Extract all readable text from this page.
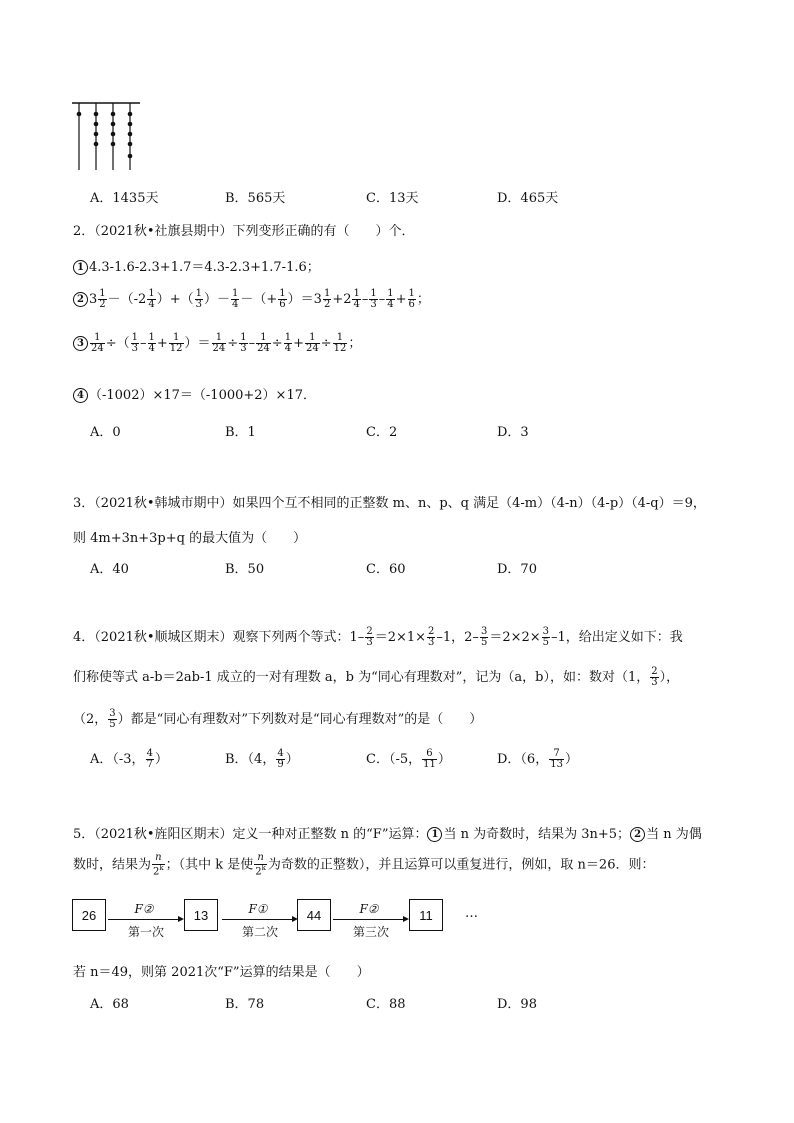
A．1435天	B．565天	C．13天	D．465天
2．（2021秋•社旗县期中）下列变形正确的有（　　）个．
1 4.3-1.6-2.3+1.7＝4.3-2.3+1.7-1.6；
2 $3 \frac{1}{2} -(-2 \frac{1}{4}$ ）+（ $\frac{1}{3}$ ）－ $\frac{1}{4}$ －（+ $\frac{1}{6} )=3 \frac{1}{2} +2 \frac{1}{4} - \frac{1}{3} - \frac{1}{4} + \frac{1}{6}$ ；
$3 \frac{1}{24}$ ÷（ $\frac{1}{3} - \frac{1}{4} + \frac{1}{12}$ ）＝ $\frac{1}{24} \div \frac{1}{3} - \frac{1}{24} \div \frac{1}{4} + \frac{1}{24} \div \frac{1}{12}$ ；
4 （-1002）×17＝（-1000+2）×17．
A．0	B．1	C．2	D．3
3．（2021秋•韩城市期中）如果四个互不相同的正整数 m、n、p、q 满足（4-m）（4-n）（4-p）（4-q）＝9，
则 4m+3n+3p+q 的最大值为（　　）
A．40	B．50	C．60	D．70
4．（2021秋•顺城区期末）观察下列两个等式：$1- \frac{2}{3} =2\times 1\times \frac{2}{3} -1$，$2- \frac{3}{5} =2\times 2\times \frac{3}{5} -1$，给出定义如下：我
们称使等式 a-b＝2ab-1 成立的一对有理数 a，b 为“同心有理数对”，记为（a，b），如：数对（1， $\frac{2}{3}$ ），
（2， $\frac{3}{5}$ ）都是“同心有理数对”下列数对是“同心有理数对”的是（　　）
A．（-3， $\frac{4}{7}$ ）	B．（4， $\frac{4}{9}$ ）	C．（-5， $\frac{6}{11}$ ）	D．（6， $\frac{7}{13}$ ）
5．（2021秋•旌阳区期末）定义一种对正整数 n 的“F”运算： 1 当 n 为奇数时，结果为 3n+5； 2 当 n 为偶
数时，结果为 $\frac{n}{2^k}$ ；（其中 k 是使 $\frac{n}{2^k}$ 为奇数的正整数），并且运算可以重复进行，例如，取 n＝26．则：
26	F②
第一次
13	F①
第二次
44	F②
第三次
11	…
若 n＝49，则第 2021次“F”运算的结果是（　　）
A．68	B．78	C．88	D．98
